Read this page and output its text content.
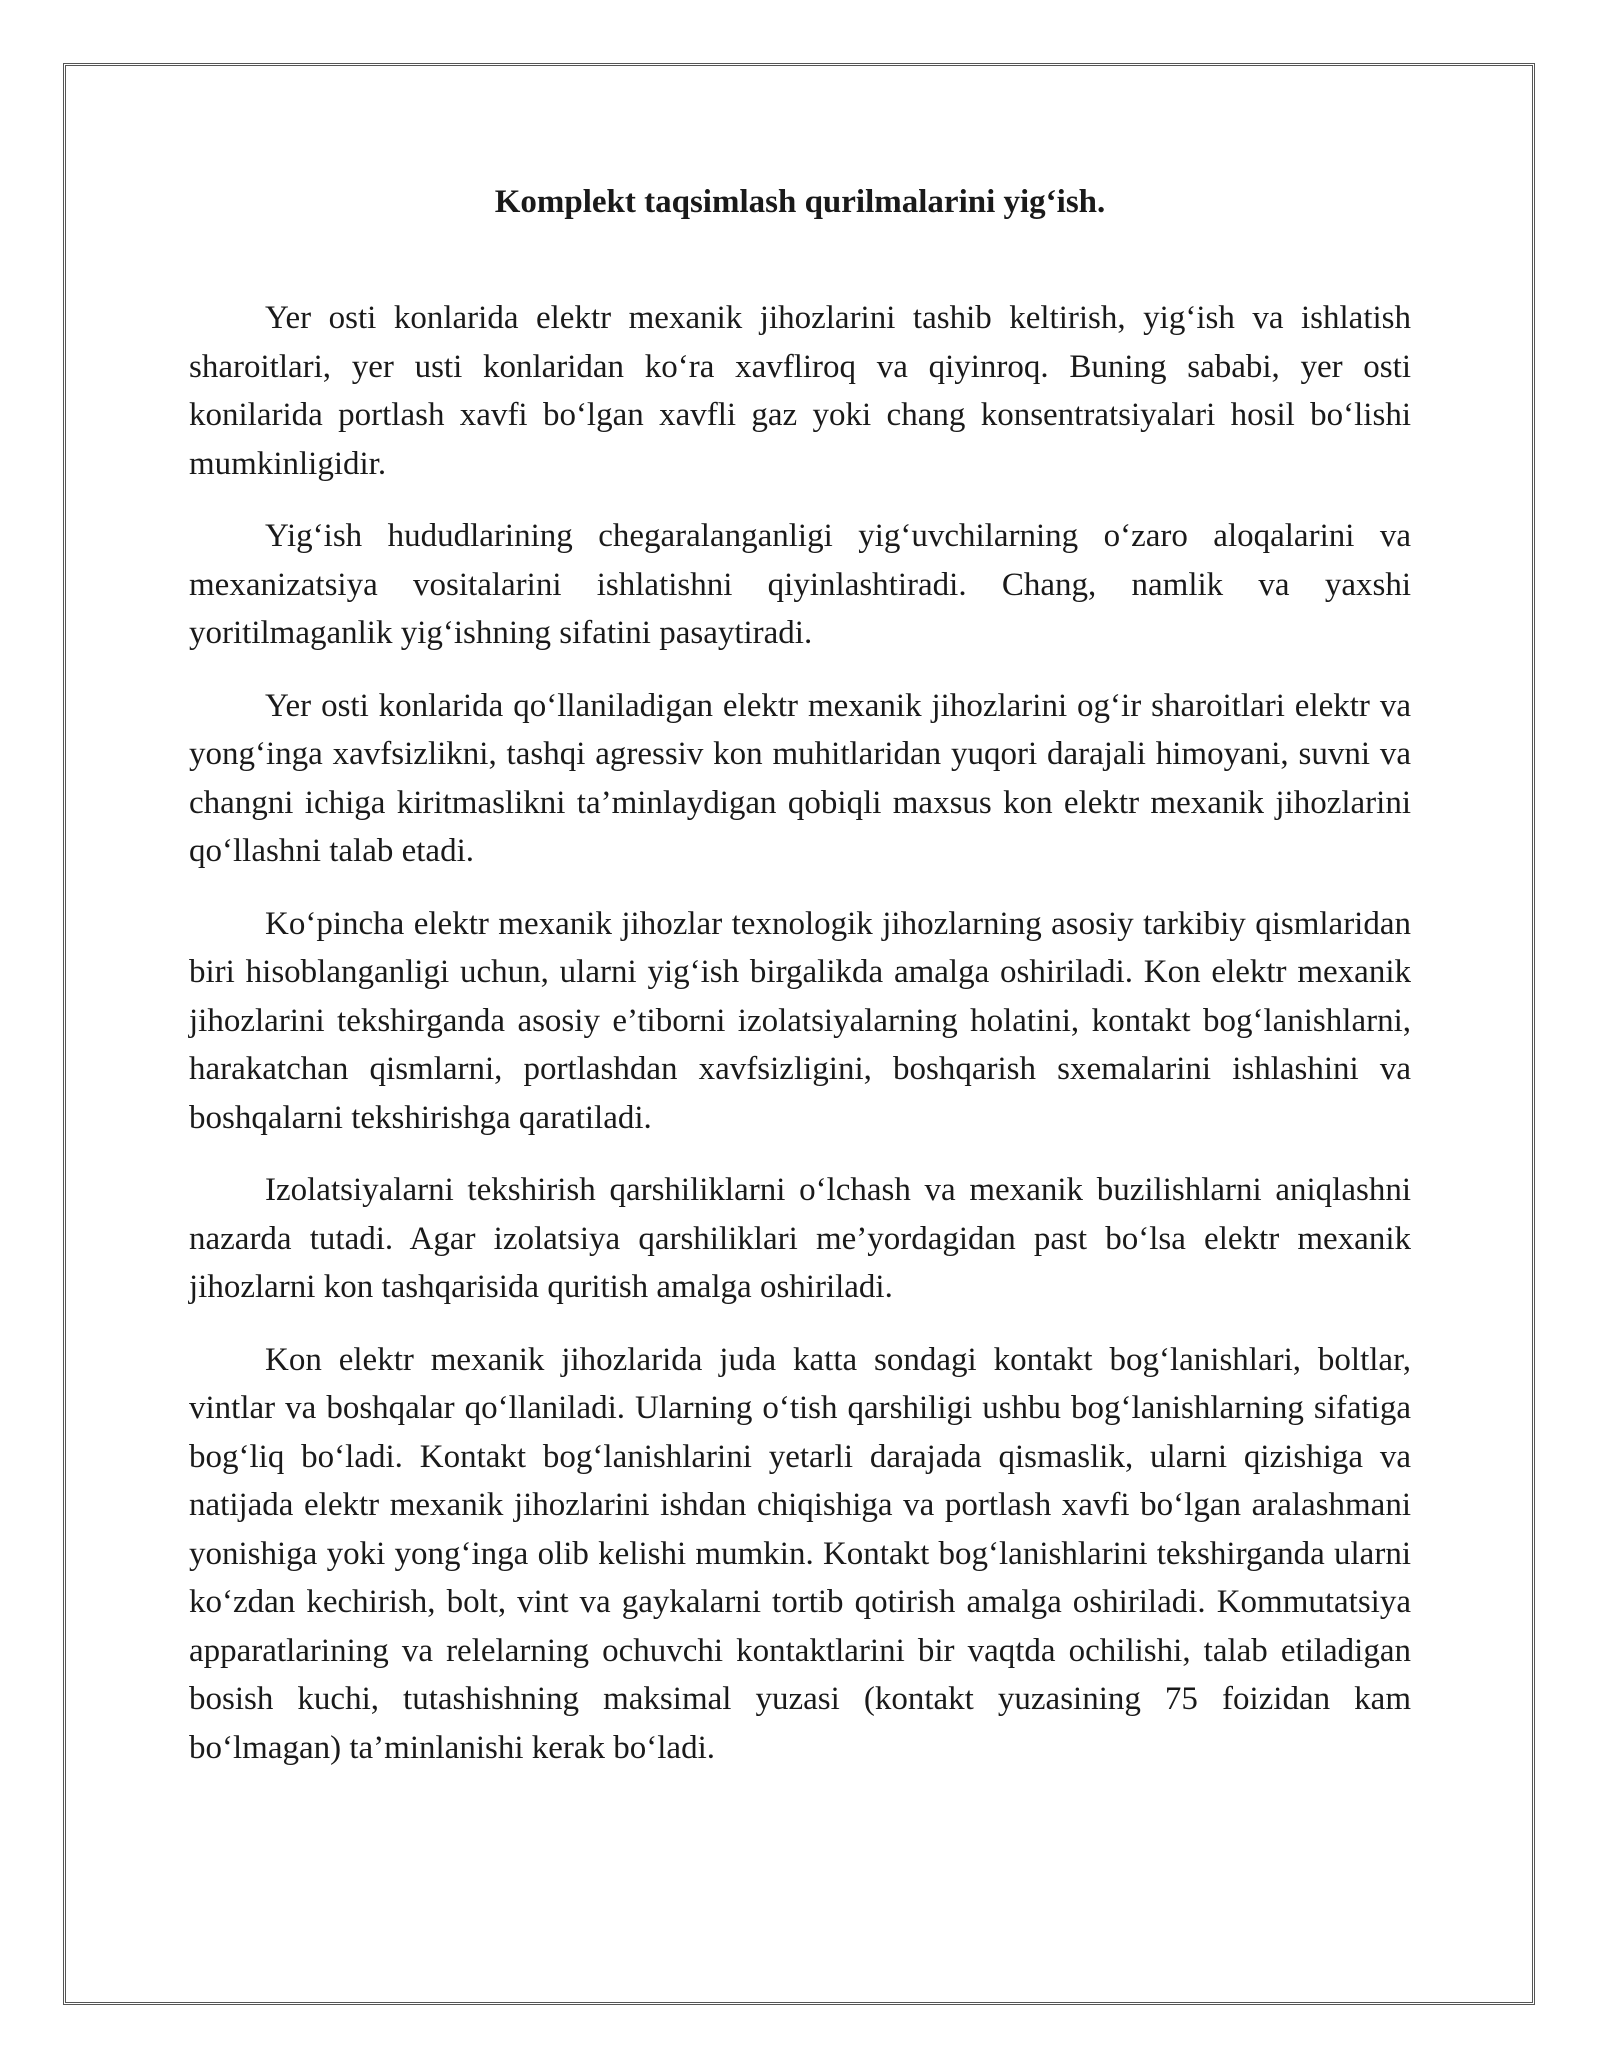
Komplekt taqsimlash qurilmalarini yig‘ish.

Yer osti konlarida elektr mexanik jihozlarini tashib keltirish, yig‘ish va ishlatish sharoitlari, yer usti konlaridan ko‘ra xavfliroq va qiyinroq. Buning sababi, yer osti konilarida portlash xavfi bo‘lgan xavfli gaz yoki chang konsentratsiyalari hosil bo‘lishi mumkinligidir.

Yig‘ish hududlarining chegaralanganligi yig‘uvchilarning o‘zaro aloqalarini va mexanizatsiya vositalarini ishlatishni qiyinlashtiradi. Chang, namlik va yaxshi yoritilmaganlik yig‘ishning sifatini pasaytiradi.

Yer osti konlarida qo‘llaniladigan elektr mexanik jihozlarini og‘ir sharoitlari elektr va yong‘inga xavfsizlikni, tashqi agressiv kon muhitlaridan yuqori darajali himoyani, suvni va changni ichiga kiritmaslikni ta’minlaydigan qobiqli maxsus kon elektr mexanik jihozlarini qo‘llashni talab etadi.

Ko‘pincha elektr mexanik jihozlar texnologik jihozlarning asosiy tarkibiy qismlaridan biri hisoblanganligi uchun, ularni yig‘ish birgalikda amalga oshiriladi. Kon elektr mexanik jihozlarini tekshirganda asosiy e’tiborni izolatsiyalarning holatini, kontakt bog‘lanishlarni, harakatchan qismlarni, portlashdan xavfsizligini, boshqarish sxemalarini ishlashini va boshqalarni tekshirishga qaratiladi.

Izolatsiyalarni tekshirish qarshiliklarni o‘lchash va mexanik buzilishlarni aniqlashni nazarda tutadi. Agar izolatsiya qarshiliklari me’yordagidan past bo‘lsa elektr mexanik jihozlarni kon tashqarisida quritish amalga oshiriladi.

Kon elektr mexanik jihozlarida juda katta sondagi kontakt bog‘lanishlari, boltlar, vintlar va boshqalar qo‘llaniladi. Ularning o‘tish qarshiligi ushbu bog‘lanishlarning sifatiga bog‘liq bo‘ladi. Kontakt bog‘lanishlarini yetarli darajada qismaslik, ularni qizishiga va natijada elektr mexanik jihozlarini ishdan chiqishiga va portlash xavfi bo‘lgan aralashmani yonishiga yoki yong‘inga olib kelishi mumkin. Kontakt bog‘lanishlarini tekshirganda ularni ko‘zdan kechirish, bolt, vint va gaykalarni tortib qotirish amalga oshiriladi. Kommutatsiya apparatlarining va relelarning ochuvchi kontaktlarini bir vaqtda ochilishi, talab etiladigan bosish kuchi, tutashishning maksimal yuzasi (kontakt yuzasining 75 foizidan kam bo‘lmagan) ta’minlanishi kerak bo‘ladi.
